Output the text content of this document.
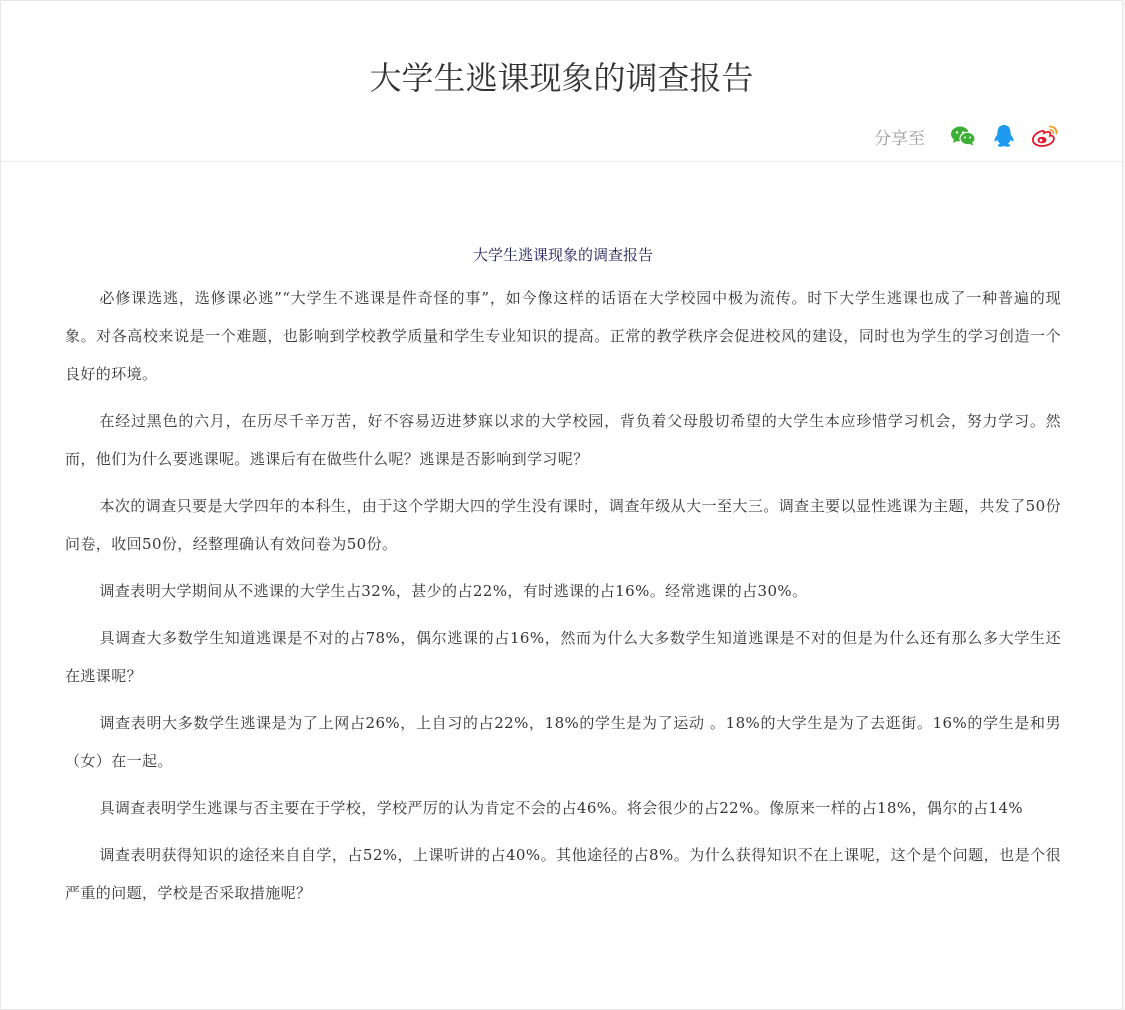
大学生逃课现象的调查报告
分享至
大学生逃课现象的调查报告

必修课选逃，选修课必逃”“大学生不逃课是件奇怪的事”，如今像这样的话语在大学校园中极为流传。时下大学生逃课也成了一种普遍的现象。对各高校来说是一个难题，也影响到学校教学质量和学生专业知识的提高。正常的教学秩序会促进校风的建设，同时也为学生的学习创造一个良好的环境。

在经过黑色的六月，在历尽千辛万苦，好不容易迈进梦寐以求的大学校园，背负着父母殷切希望的大学生本应珍惜学习机会，努力学习。然而，他们为什么要逃课呢。逃课后有在做些什么呢？逃课是否影响到学习呢？

本次的调查只要是大学四年的本科生，由于这个学期大四的学生没有课时，调查年级从大一至大三。调查主要以显性逃课为主题，共发了50份问卷，收回50份，经整理确认有效问卷为50份。

调查表明大学期间从不逃课的大学生占32%，甚少的占22%，有时逃课的占16%。经常逃课的占30%。

具调查大多数学生知道逃课是不对的占78%，偶尔逃课的占16%，然而为什么大多数学生知道逃课是不对的但是为什么还有那么多大学生还在逃课呢？

调查表明大多数学生逃课是为了上网占26%，上自习的占22%，18%的学生是为了运动 。18%的大学生是为了去逛街。16%的学生是和男（女）在一起。

具调查表明学生逃课与否主要在于学校，学校严厉的认为肯定不会的占46%。将会很少的占22%。像原来一样的占18%，偶尔的占14%

调查表明获得知识的途径来自自学，占52%，上课听讲的占40%。其他途径的占8%。为什么获得知识不在上课呢，这个是个问题，也是个很严重的问题，学校是否采取措施呢？
